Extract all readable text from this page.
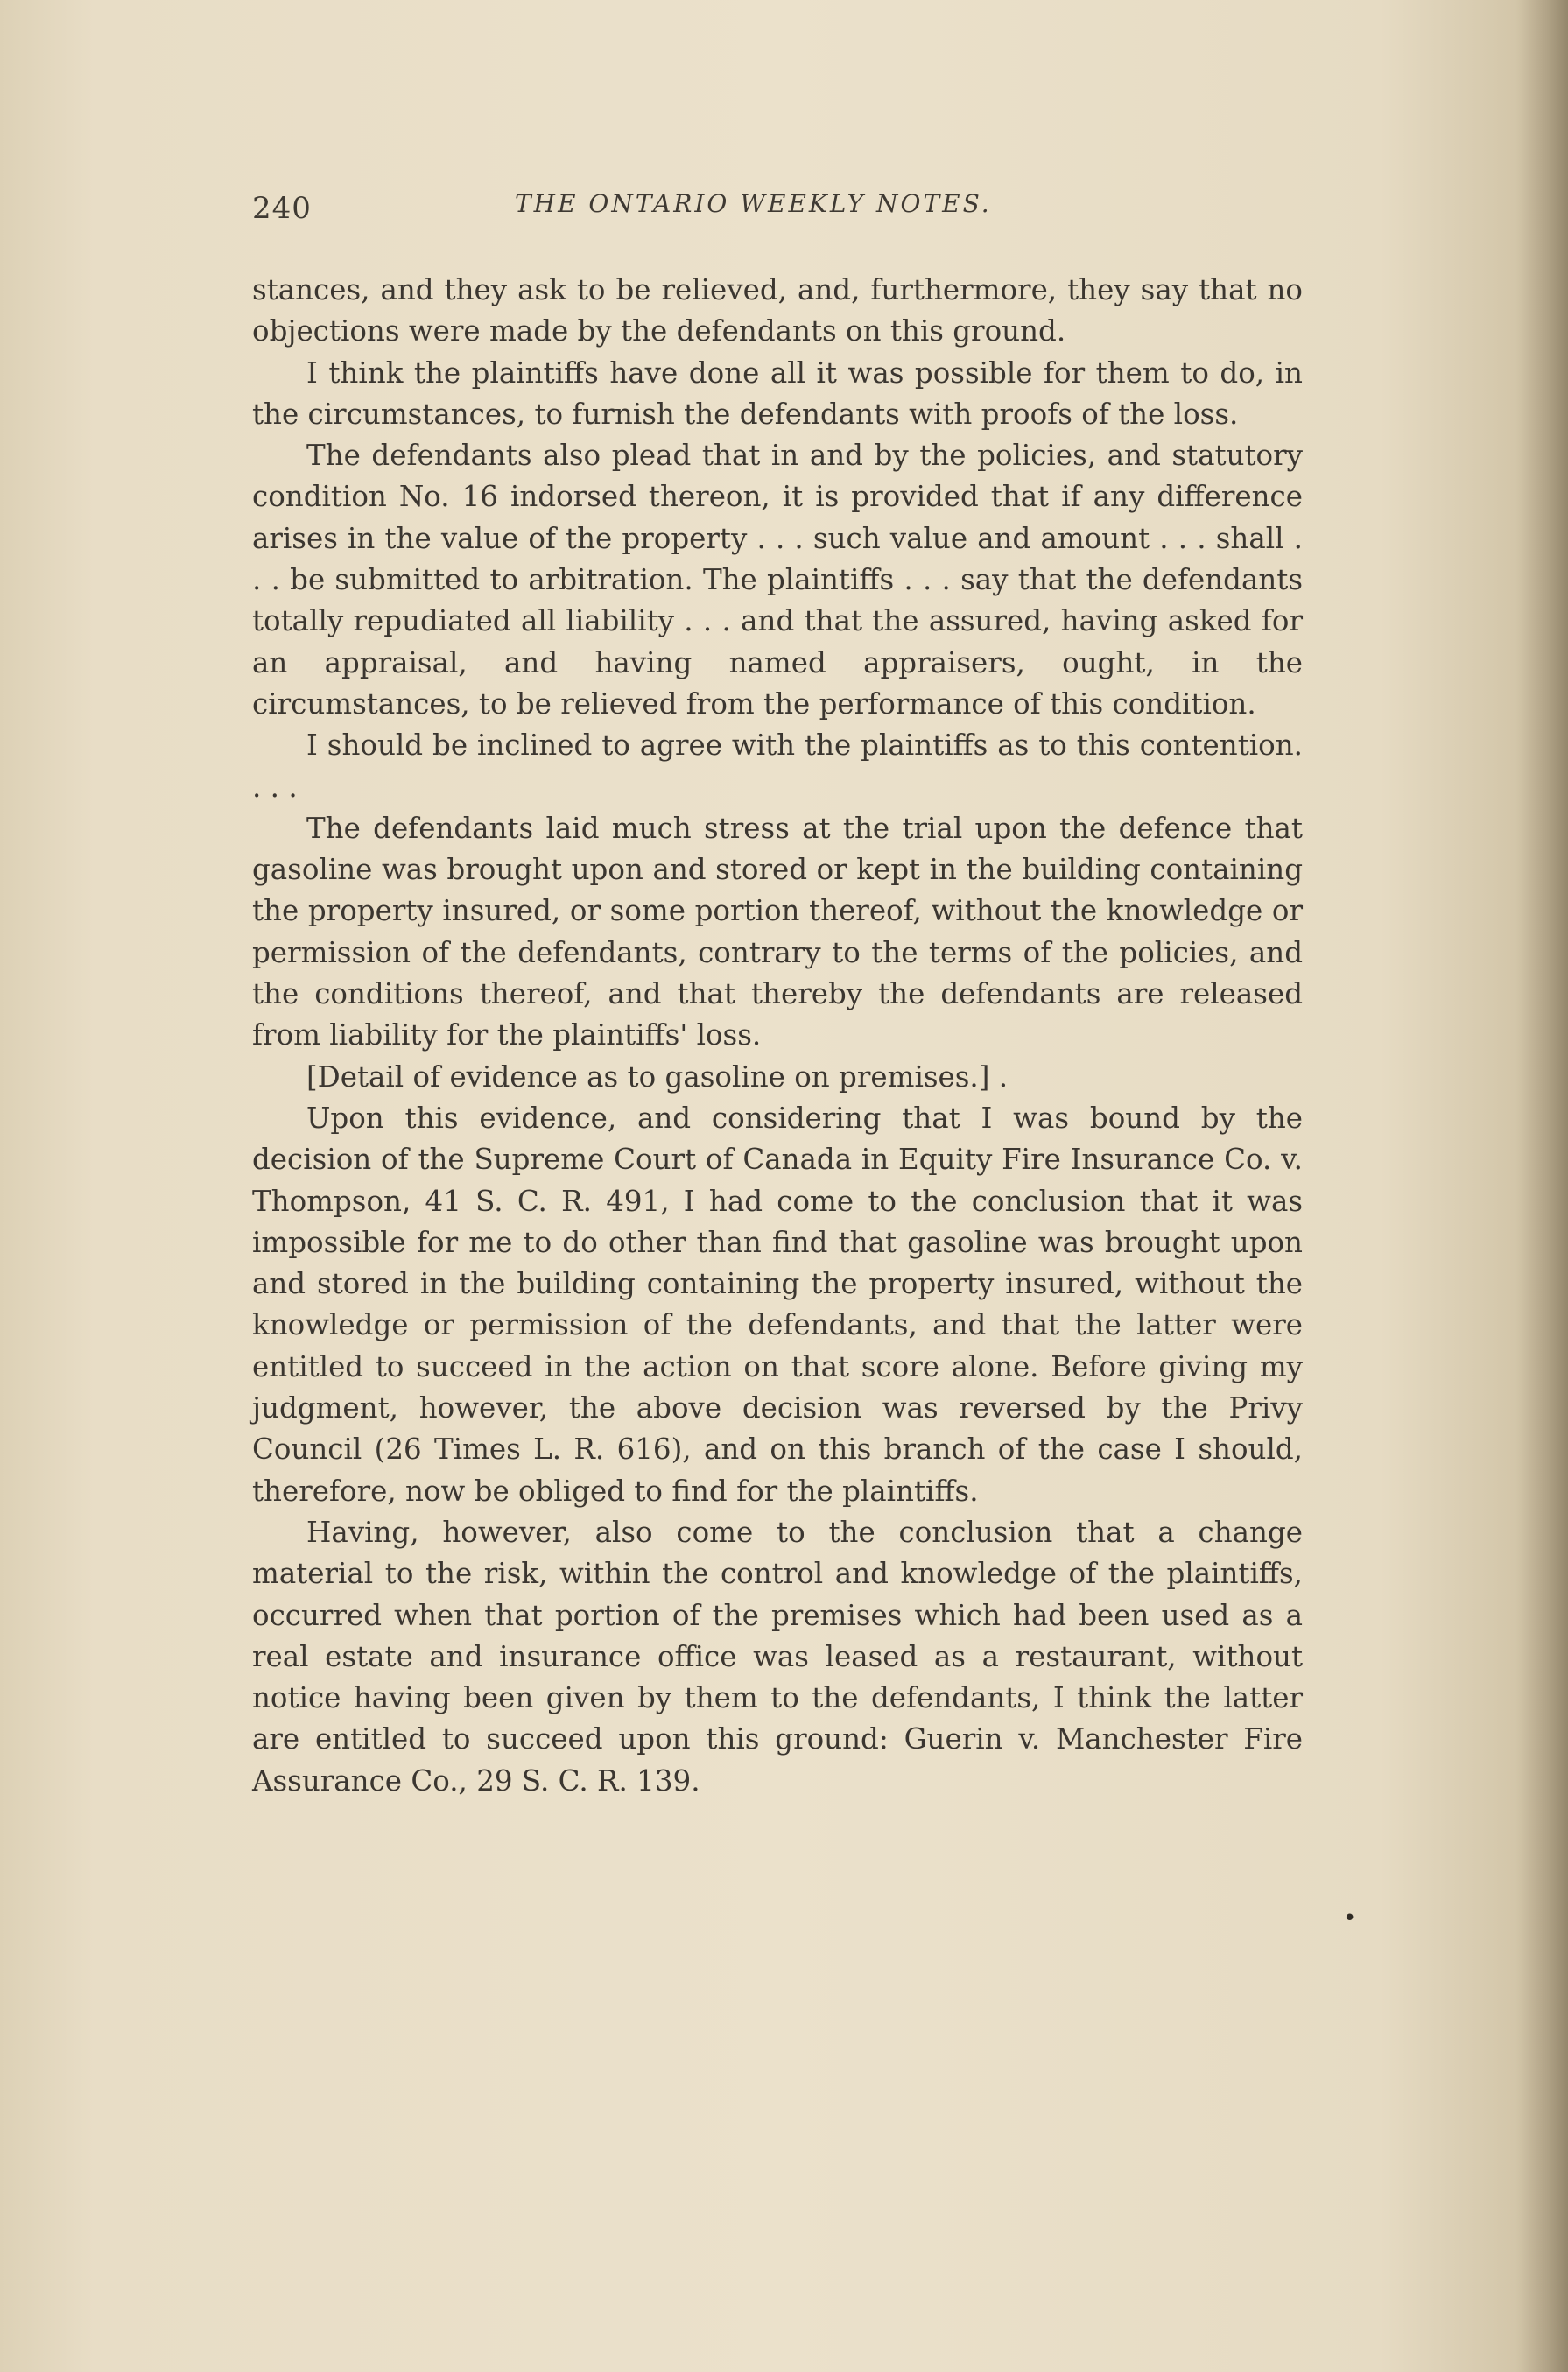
240	THE ONTARIO WEEKLY NOTES.

stances, and they ask to be relieved, and, furthermore, they say that no objections were made by the defendants on this ground.

I think the plaintiffs have done all it was possible for them to do, in the circumstances, to furnish the defendants with proofs of the loss.

The defendants also plead that in and by the policies, and statutory condition No. 16 indorsed thereon, it is provided that if any difference arises in the value of the property . . . such value and amount . . . shall . . . be submitted to arbitration. The plaintiffs . . . say that the defendants totally repudiated all liability . . . and that the assured, having asked for an appraisal, and having named appraisers, ought, in the circumstances, to be relieved from the performance of this condition.

I should be inclined to agree with the plaintiffs as to this contention. . . .

The defendants laid much stress at the trial upon the defence that gasoline was brought upon and stored or kept in the building containing the property insured, or some portion thereof, without the knowledge or permission of the defendants, contrary to the terms of the policies, and the conditions thereof, and that thereby the defendants are released from liability for the plaintiffs' loss.

[Detail of evidence as to gasoline on premises.] .

Upon this evidence, and considering that I was bound by the decision of the Supreme Court of Canada in Equity Fire Insurance Co. v. Thompson, 41 S. C. R. 491, I had come to the conclusion that it was impossible for me to do other than find that gasoline was brought upon and stored in the building containing the property insured, without the knowledge or permission of the defendants, and that the latter were entitled to succeed in the action on that score alone. Before giving my judgment, however, the above decision was reversed by the Privy Council (26 Times L. R. 616), and on this branch of the case I should, therefore, now be obliged to find for the plaintiffs.

Having, however, also come to the conclusion that a change material to the risk, within the control and knowledge of the plaintiffs, occurred when that portion of the premises which had been used as a real estate and insurance office was leased as a restaurant, without notice having been given by them to the defendants, I think the latter are entitled to succeed upon this ground: Guerin v. Manchester Fire Assurance Co., 29 S. C. R. 139.

•
